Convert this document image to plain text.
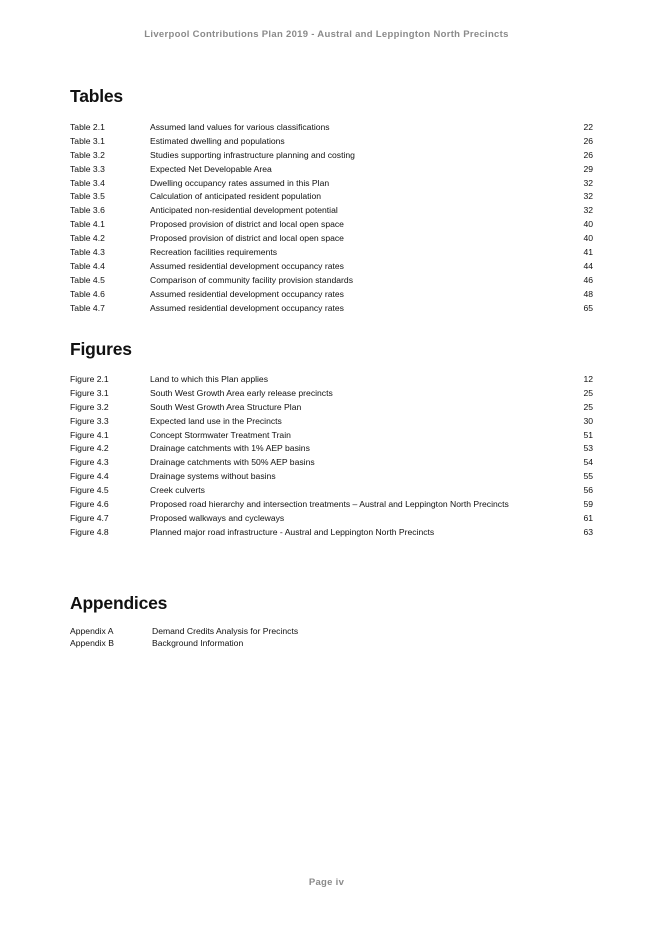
Liverpool Contributions Plan 2019 - Austral and Leppington North Precincts
Tables
Table 2.1	Assumed land values for various classifications	22
Table 3.1	Estimated dwelling and populations	26
Table 3.2	Studies supporting infrastructure planning and costing	26
Table 3.3	Expected Net Developable Area	29
Table 3.4	Dwelling occupancy rates assumed in this Plan	32
Table 3.5	Calculation of anticipated resident population	32
Table 3.6	Anticipated non-residential development potential	32
Table 4.1	Proposed provision of district and local open space	40
Table 4.2	Proposed provision of district and local open space	40
Table 4.3	Recreation facilities requirements	41
Table 4.4	Assumed residential development occupancy rates	44
Table 4.5	Comparison of community facility provision standards	46
Table 4.6	Assumed residential development occupancy rates	48
Table 4.7	Assumed residential development occupancy rates	65
Figures
Figure 2.1	Land to which this Plan applies	12
Figure 3.1	South West Growth Area early release precincts	25
Figure 3.2	South West Growth Area Structure Plan	25
Figure 3.3	Expected land use in the Precincts	30
Figure 4.1	Concept Stormwater Treatment Train	51
Figure 4.2	Drainage catchments with 1% AEP basins	53
Figure 4.3	Drainage catchments with 50% AEP basins	54
Figure 4.4	Drainage systems without basins	55
Figure 4.5	Creek culverts	56
Figure 4.6	Proposed road hierarchy and intersection treatments – Austral and Leppington North Precincts	59
Figure 4.7	Proposed walkways and cycleways	61
Figure 4.8	Planned major road infrastructure - Austral and Leppington North Precincts	63
Appendices
Appendix A	Demand Credits Analysis for Precincts
Appendix B	Background Information
Page iv
